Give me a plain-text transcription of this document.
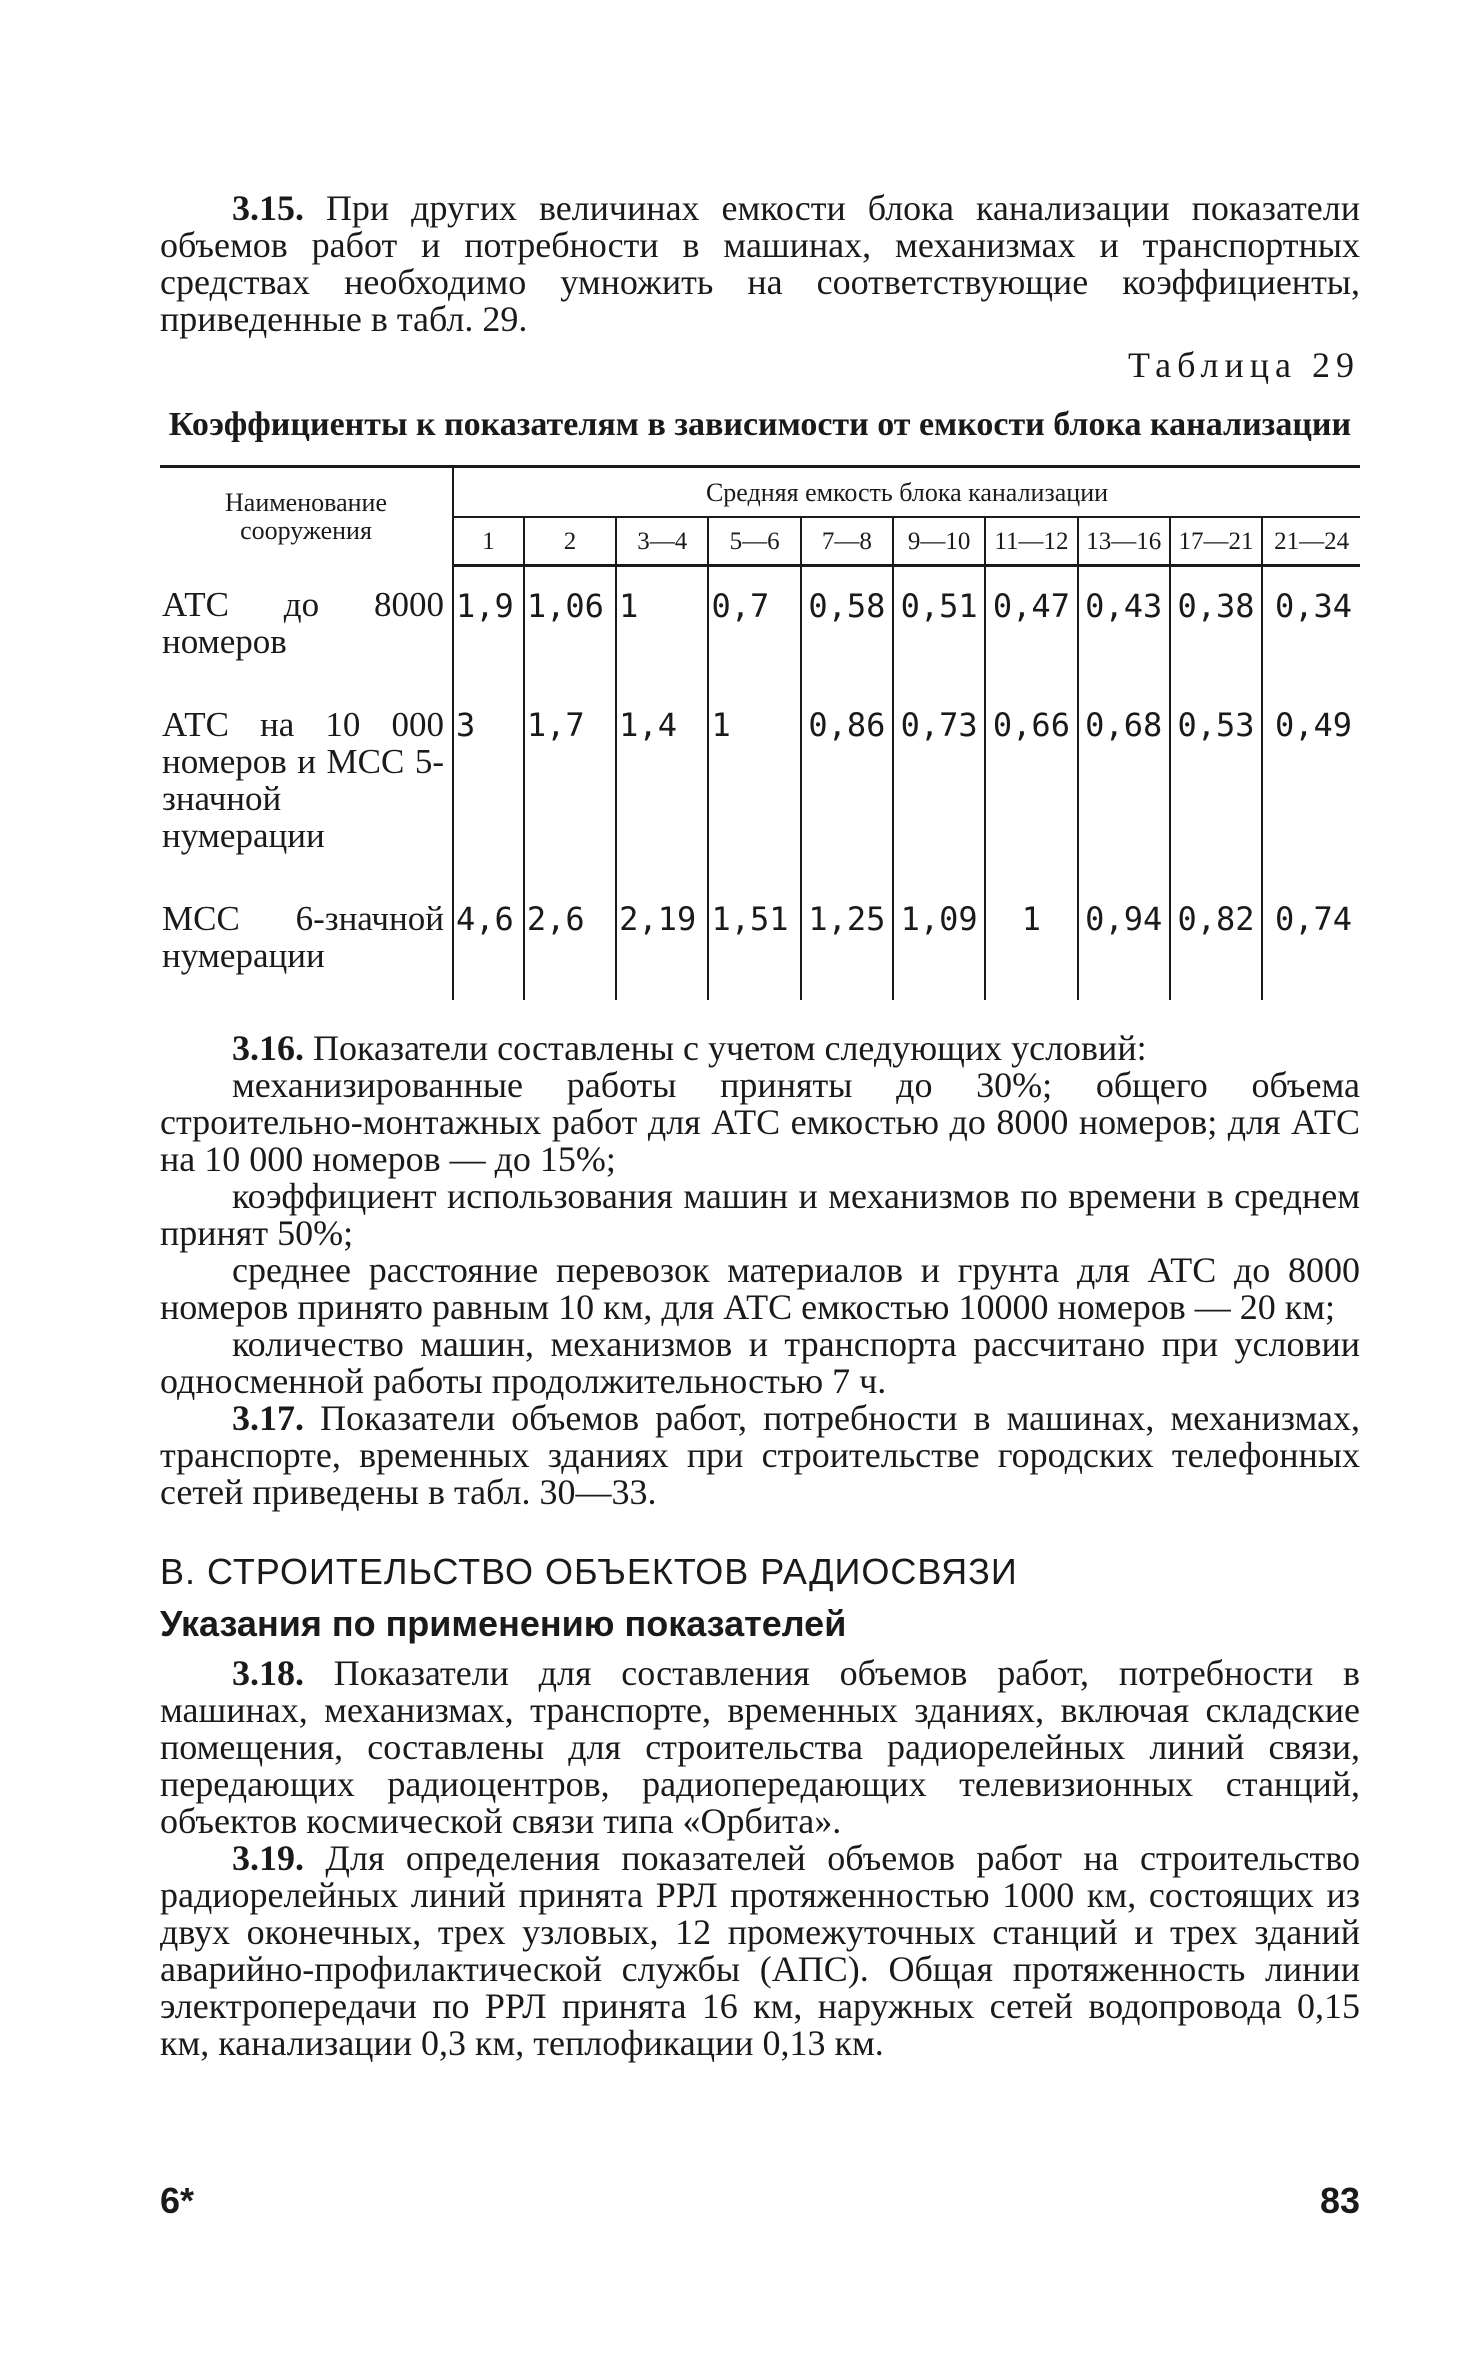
3.15. При других величинах емкости блока канализации показатели объемов работ и потребности в машинах, механизмах и транспортных средствах необходимо умножить на соответствующие коэффициенты, приведенные в табл. 29.

Таблица 29
Коэффициенты к показателям в зависимости от емкости блока канализации
Наименование сооружения	Средняя емкость блока канализации									
	1	2	3—4	5—6	7—8	9—10	11—12	13—16	17—21	21—24
АТС до 8000 номеров	1,9	1,06	1	0,7	0,58	0,51	0,47	0,43	0,38	0,34
АТС на 10 000 номеров и МСС 5-значной нумерации	3	1,7	1,4	1	0,86	0,73	0,66	0,68	0,53	0,49
МСС 6-значной нумерации	4,6	2,6	2,19	1,51	1,25	1,09	1	0,94	0,82	0,74

3.16. Показатели составлены с учетом следующих условий:

механизированные работы приняты до 30%; общего объема строительно-монтажных работ для АТС емкостью до 8000 номеров; для АТС на 10 000 номеров — до 15%;

коэффициент использования машин и механизмов по времени в среднем принят 50%;

среднее расстояние перевозок материалов и грунта для АТС до 8000 номеров принято равным 10 км, для АТС емкостью 10000 номеров — 20 км;

количество машин, механизмов и транспорта рассчитано при условии односменной работы продолжительностью 7 ч.

3.17. Показатели объемов работ, потребности в машинах, механизмах, транспорте, временных зданиях при строительстве городских телефонных сетей приведены в табл. 30—33.

В. СТРОИТЕЛЬСТВО ОБЪЕКТОВ РАДИОСВЯЗИ
Указания по применению показателей

3.18. Показатели для составления объемов работ, потребности в машинах, механизмах, транспорте, временных зданиях, включая складские помещения, составлены для строительства радиорелейных линий связи, передающих радиоцентров, радиопередающих телевизионных станций, объектов космической связи типа «Орбита».

3.19. Для определения показателей объемов работ на строительство радиорелейных линий принята РРЛ протяженностью 1000 км, состоящих из двух оконечных, трех узловых, 12 промежуточных станций и трех зданий аварийно-профилактической службы (АПС). Общая протяженность линии электропередачи по РРЛ принята 16 км, наружных сетей водопровода 0,15 км, канализации 0,3 км, теплофикации 0,13 км.

6*	83
